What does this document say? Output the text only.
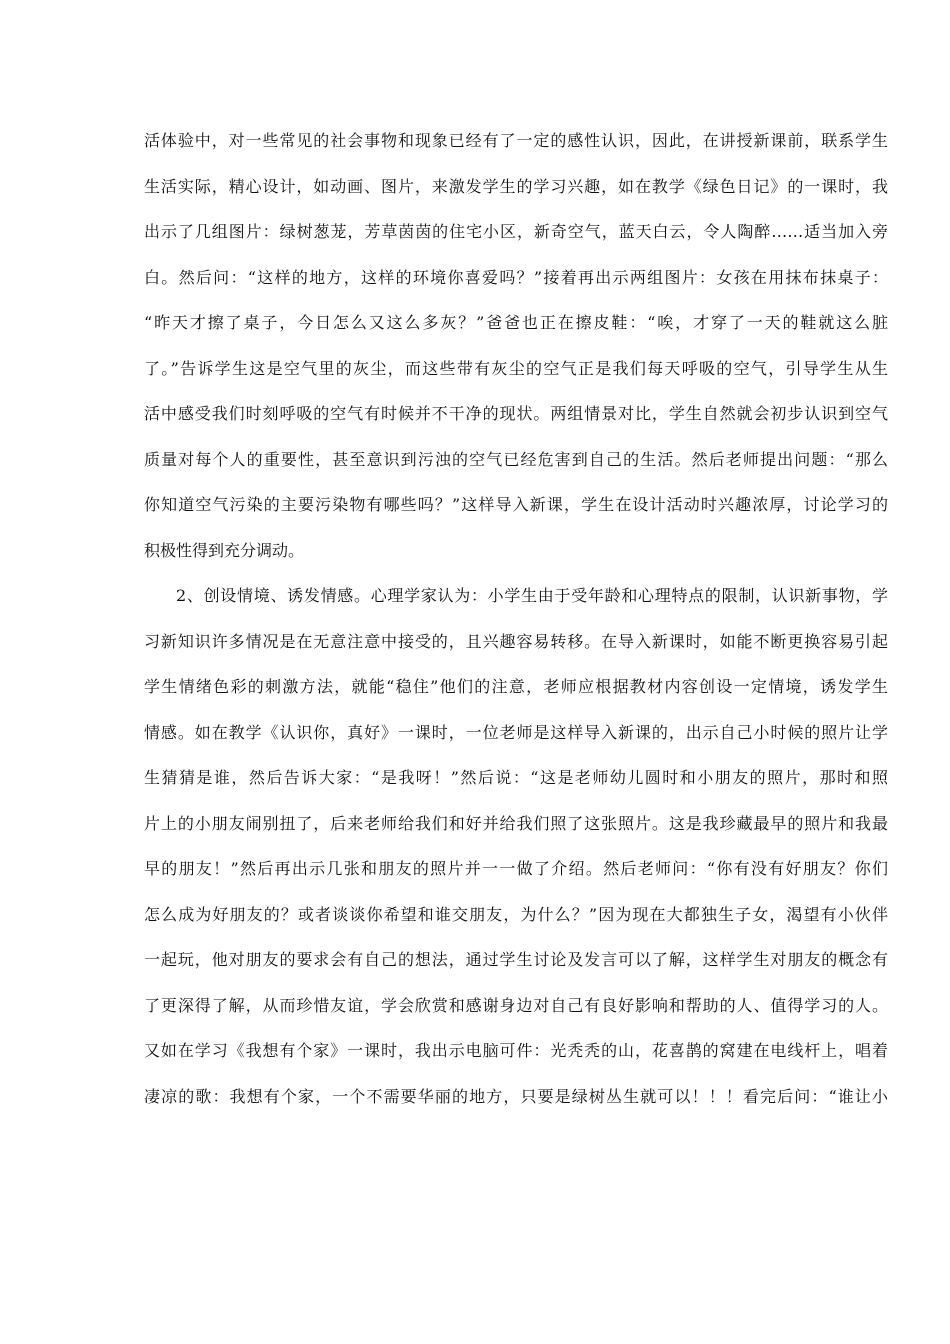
活体验中，对一些常见的社会事物和现象已经有了一定的感性认识，因此，在讲授新课前，联系学生
生活实际，精心设计，如动画、图片，来激发学生的学习兴趣，如在教学《绿色日记》的一课时，我
出示了几组图片：绿树葱茏，芳草茵茵的住宅小区，新奇空气，蓝天白云，令人陶醉……适当加入旁
白。然后问：“这样的地方，这样的环境你喜爱吗？”接着再出示两组图片：女孩在用抹布抹桌子：
“昨天才擦了桌子，今日怎么又这么多灰？”爸爸也正在擦皮鞋：“唉，才穿了一天的鞋就这么脏
了。”告诉学生这是空气里的灰尘，而这些带有灰尘的空气正是我们每天呼吸的空气，引导学生从生
活中感受我们时刻呼吸的空气有时候并不干净的现状。两组情景对比，学生自然就会初步认识到空气
质量对每个人的重要性，甚至意识到污浊的空气已经危害到自己的生活。然后老师提出问题：“那么
你知道空气污染的主要污染物有哪些吗？”这样导入新课，学生在设计活动时兴趣浓厚，讨论学习的
积极性得到充分调动。
2、创设情境、诱发情感。心理学家认为：小学生由于受年龄和心理特点的限制，认识新事物，学
习新知识许多情况是在无意注意中接受的，且兴趣容易转移。在导入新课时，如能不断更换容易引起
学生情绪色彩的刺激方法，就能“稳住”他们的注意，老师应根据教材内容创设一定情境，诱发学生
情感。如在教学《认识你，真好》一课时，一位老师是这样导入新课的，出示自己小时候的照片让学
生猜猜是谁，然后告诉大家：“是我呀！”然后说：“这是老师幼儿圆时和小朋友的照片，那时和照
片上的小朋友闹别扭了，后来老师给我们和好并给我们照了这张照片。这是我珍藏最早的照片和我最
早的朋友！”然后再出示几张和朋友的照片并一一做了介绍。然后老师问：“你有没有好朋友？你们
怎么成为好朋友的？或者谈谈你希望和谁交朋友，为什么？”因为现在大都独生子女，渴望有小伙伴
一起玩，他对朋友的要求会有自己的想法，通过学生讨论及发言可以了解，这样学生对朋友的概念有
了更深得了解，从而珍惜友谊，学会欣赏和感谢身边对自己有良好影响和帮助的人、值得学习的人。
又如在学习《我想有个家》一课时，我出示电脑可件：光秃秃的山，花喜鹊的窝建在电线杆上，唱着
凄凉的歌：我想有个家，一个不需要华丽的地方，只要是绿树丛生就可以！！！看完后问：“谁让小
